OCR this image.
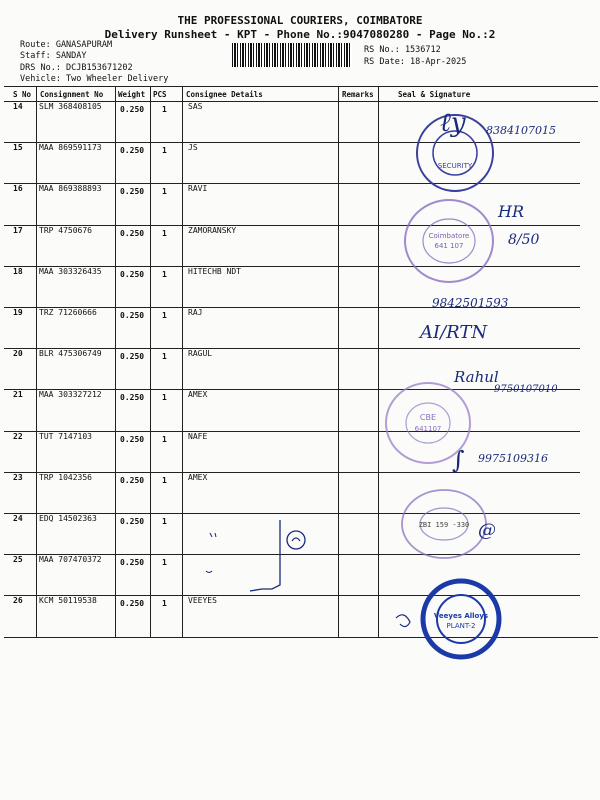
THE PROFESSIONAL COURIERS, COIMBATORE
Delivery Runsheet - KPT - Phone No.:9047080280 - Page No.:2
Route: GANASAPURAM
Staff: SANDAY
DRS No.: DCJB153671202
Vehicle: Two Wheeler Delivery
RS No.: 1536712
RS Date: 18-Apr-2025
S No Consignment No Weight PCS	Consignee Details	Remarks	Seal & Signature
14 SLM 368408105 0.250 1	SAS
15 MAA 869591173 0.250 1	JS
16 MAA 869388893 0.250 1	RAVI
17 TRP 4750676	0.250 1	ZAMORANSKY
18 MAA 303326435 0.250 1	HITECHB NDT
19 TRZ 71260666	0.250 1	RAJ
20 BLR 475306749 0.250 1	RAGUL
21 MAA 303327212 0.250 1	AMEX
22 TUT 7147103	0.250 1	NAFE
23 TRP 1042356	0.250 1	AMEX
24 EDQ 14502363	0.250 1
25 MAA 707470372 0.250 1
26 KCM 50119538	0.250 1	VEEYES
SECURITY
Coimbatore
641 107
CBE
641107
ZBI 159 -330
Veeyes Alloys
PLANT-2
ℓy 8384107015
HR
8/50
9842501593
AI/RTN
Rahul
9750107010
∫ 9975109316
@
